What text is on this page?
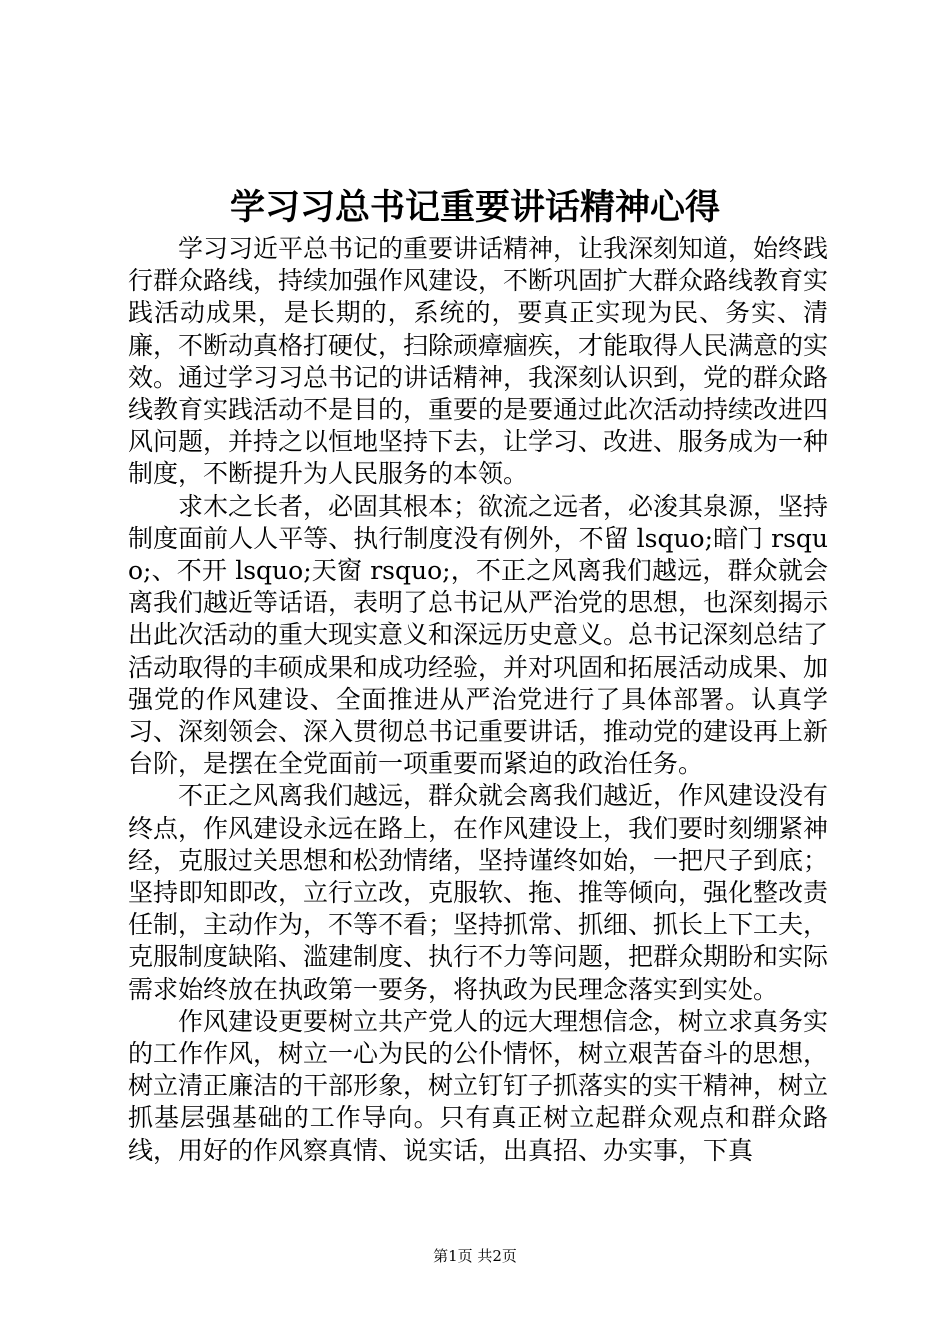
学习习总书记重要讲话精神心得

学习习近平总书记的重要讲话精神，让我深刻知道，始终践行群众路线，持续加强作风建设，不断巩固扩大群众路线教育实践活动成果，是长期的，系统的，要真正实现为民、务实、清廉，不断动真格打硬仗，扫除顽瘴痼疾，才能取得人民满意的实效。通过学习习总书记的讲话精神，我深刻认识到，党的群众路线教育实践活动不是目的，重要的是要通过此次活动持续改进四风问题，并持之以恒地坚持下去，让学习、改进、服务成为一种制度，不断提升为人民服务的本领。

求木之长者，必固其根本；欲流之远者，必浚其泉源，坚持制度面前人人平等、执行制度没有例外，不留 lsquo;暗门 rsquo;、不开 lsquo;天窗 rsquo;，不正之风离我们越远，群众就会离我们越近等话语，表明了总书记从严治党的思想，也深刻揭示出此次活动的重大现实意义和深远历史意义。总书记深刻总结了活动取得的丰硕成果和成功经验，并对巩固和拓展活动成果、加强党的作风建设、全面推进从严治党进行了具体部署。认真学习、深刻领会、深入贯彻总书记重要讲话，推动党的建设再上新台阶，是摆在全党面前一项重要而紧迫的政治任务。

不正之风离我们越远，群众就会离我们越近，作风建设没有终点，作风建设永远在路上，在作风建设上，我们要时刻绷紧神经，克服过关思想和松劲情绪，坚持谨终如始，一把尺子到底；坚持即知即改，立行立改，克服软、拖、推等倾向，强化整改责任制，主动作为，不等不看；坚持抓常、抓细、抓长上下工夫，克服制度缺陷、滥建制度、执行不力等问题，把群众期盼和实际需求始终放在执政第一要务，将执政为民理念落实到实处。

作风建设更要树立共产党人的远大理想信念，树立求真务实的工作作风，树立一心为民的公仆情怀，树立艰苦奋斗的思想，树立清正廉洁的干部形象，树立钉钉子抓落实的实干精神，树立抓基层强基础的工作导向。只有真正树立起群众观点和群众路线，用好的作风察真情、说实话，出真招、办实事，下真

第1页 共2页
